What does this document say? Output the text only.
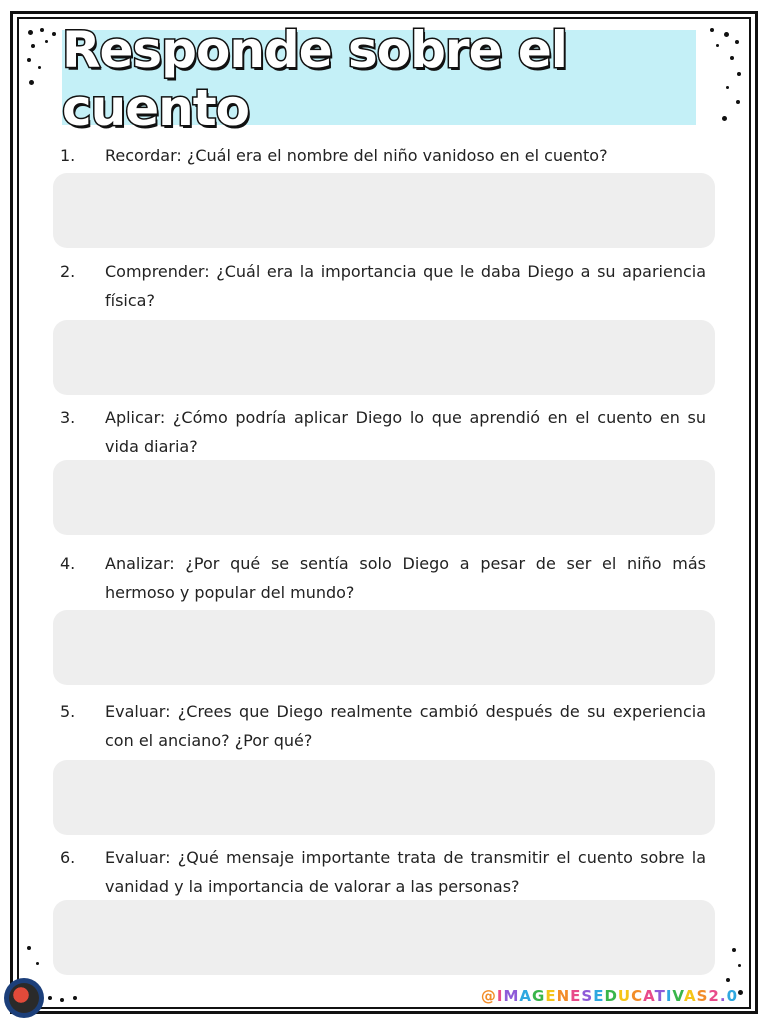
Responde sobre el cuento
1. Recordar: ¿Cuál era el nombre del niño vanidoso en el cuento?
2. Comprender: ¿Cuál era la importancia que le daba Diego a su apariencia física?
3. Aplicar: ¿Cómo podría aplicar Diego lo que aprendió en el cuento en su vida diaria?
4. Analizar: ¿Por qué se sentía solo Diego a pesar de ser el niño más hermoso y popular del mundo?
5. Evaluar: ¿Crees que Diego realmente cambió después de su experiencia con el anciano? ¿Por qué?
6. Evaluar: ¿Qué mensaje importante trata de transmitir el cuento sobre la vanidad y la importancia de valorar a las personas?
@IMAGENESEDUCATIVAS2.0
